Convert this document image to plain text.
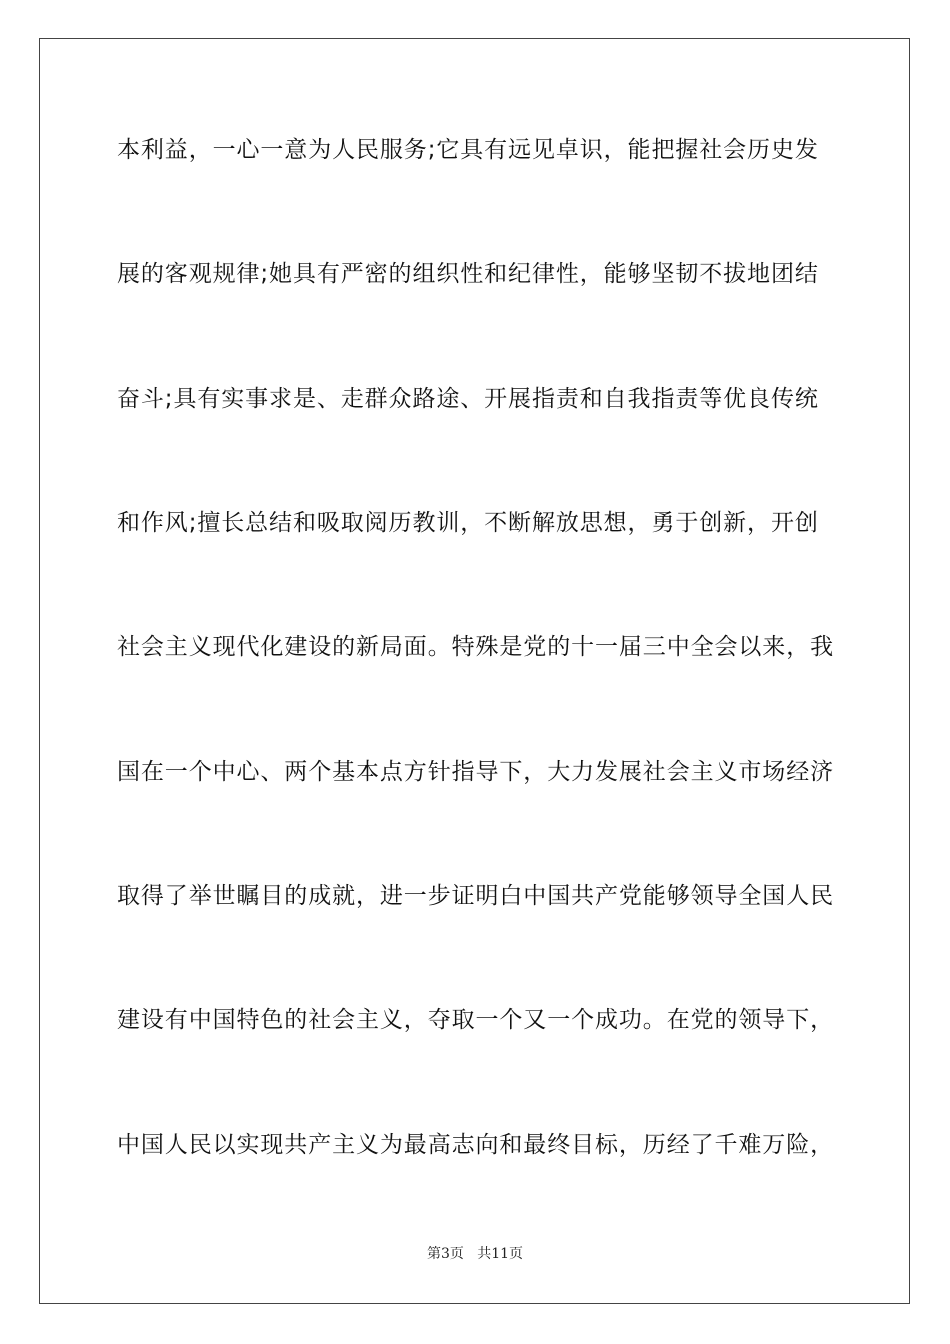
本利益，一心一意为人民服务;它具有远见卓识，能把握社会历史发
展的客观规律;她具有严密的组织性和纪律性，能够坚韧不拔地团结
奋斗;具有实事求是、走群众路途、开展指责和自我指责等优良传统
和作风;擅长总结和吸取阅历教训，不断解放思想，勇于创新，开创
社会主义现代化建设的新局面。特殊是党的十一届三中全会以来，我
国在一个中心、两个基本点方针指导下，大力发展社会主义市场经济
取得了举世瞩目的成就，进一步证明白中国共产党能够领导全国人民
建设有中国特色的社会主义，夺取一个又一个成功。在党的领导下，
中国人民以实现共产主义为最高志向和最终目标，历经了千难万险，
第3页   共11页
